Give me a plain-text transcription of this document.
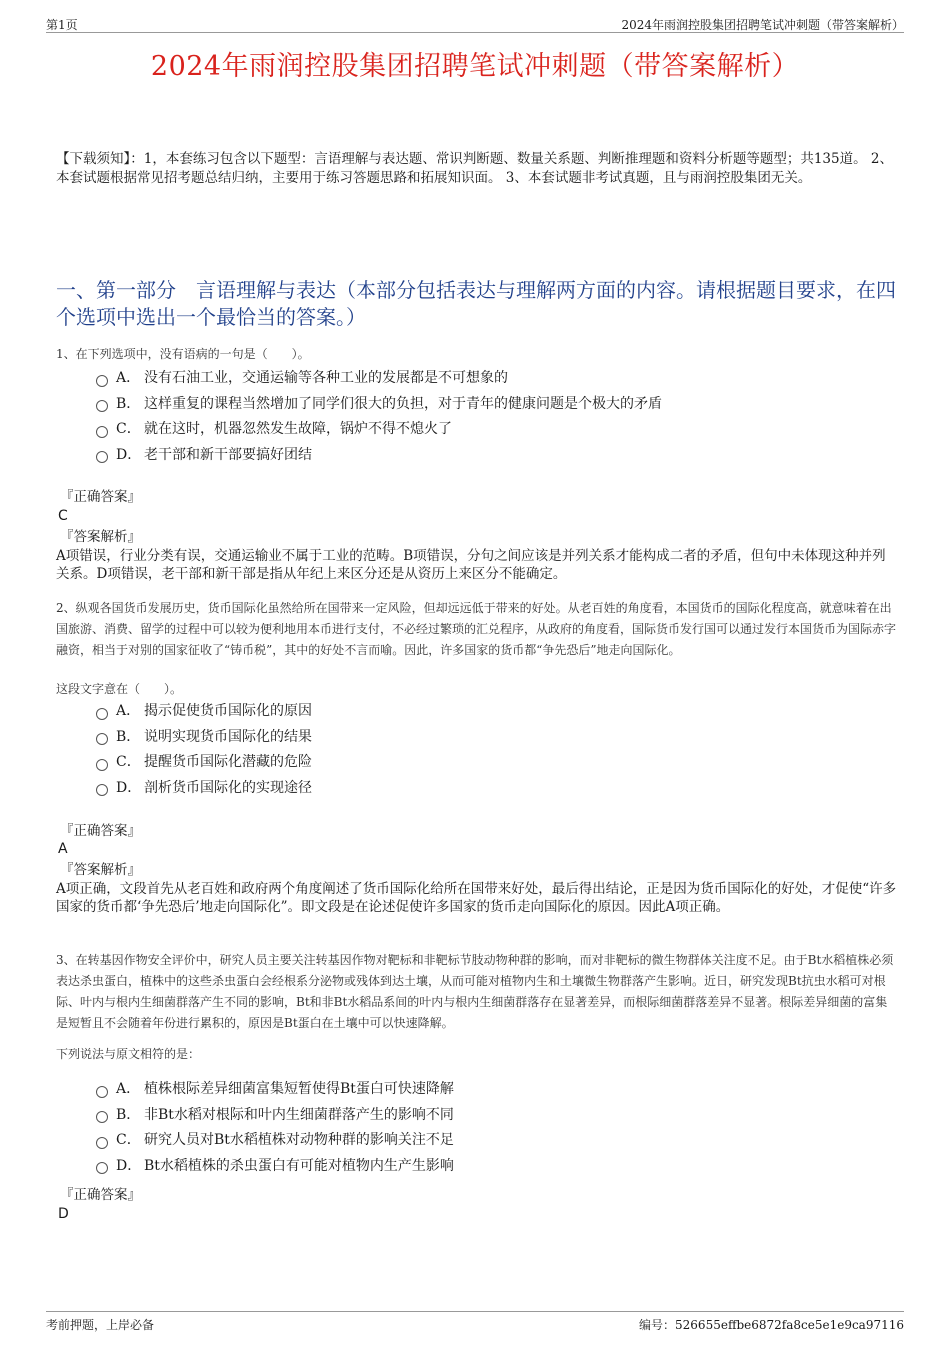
第1页	2024年雨润控股集团招聘笔试冲刺题（带答案解析）
2024年雨润控股集团招聘笔试冲刺题（带答案解析）
【下载须知】：1，本套练习包含以下题型：言语理解与表达题、常识判断题、数量关系题、判断推理题和资料分析题等题型；共135道。 2、本套试题根据常见招考题总结归纳，主要用于练习答题思路和拓展知识面。 3、本套试题非考试真题，且与雨润控股集团无关。
一、第一部分　言语理解与表达（本部分包括表达与理解两方面的内容。请根据题目要求，在四个选项中选出一个最恰当的答案。）
1、在下列选项中，没有语病的一句是（　　）。
A． 没有石油工业，交通运输等各种工业的发展都是不可想象的
B． 这样重复的课程当然增加了同学们很大的负担，对于青年的健康问题是个极大的矛盾
C． 就在这时，机器忽然发生故障，锅炉不得不熄火了
D． 老干部和新干部要搞好团结
『正确答案』
C
『答案解析』
A项错误，行业分类有误，交通运输业不属于工业的范畴。B项错误，分句之间应该是并列关系才能构成二者的矛盾，但句中未体现这种并列关系。D项错误，老干部和新干部是指从年纪上来区分还是从资历上来区分不能确定。
2、纵观各国货币发展历史，货币国际化虽然给所在国带来一定风险，但却远远低于带来的好处。从老百姓的角度看，本国货币的国际化程度高，就意味着在出国旅游、消费、留学的过程中可以较为便利地用本币进行支付，不必经过繁琐的汇兑程序，从政府的角度看，国际货币发行国可以通过发行本国货币为国际赤字融资，相当于对别的国家征收了“铸币税”，其中的好处不言而喻。因此，许多国家的货币都“争先恐后”地走向国际化。
这段文字意在（　　）。
A． 揭示促使货币国际化的原因
B． 说明实现货币国际化的结果
C． 提醒货币国际化潜藏的危险
D． 剖析货币国际化的实现途径
『正确答案』
A
『答案解析』
A项正确，文段首先从老百姓和政府两个角度阐述了货币国际化给所在国带来好处，最后得出结论，正是因为货币国际化的好处，才促使“许多国家的货币都‘争先恐后’地走向国际化”。即文段是在论述促使许多国家的货币走向国际化的原因。因此A项正确。
3、在转基因作物安全评价中，研究人员主要关注转基因作物对靶标和非靶标节肢动物种群的影响，而对非靶标的微生物群体关注度不足。由于Bt水稻植株必须表达杀虫蛋白，植株中的这些杀虫蛋白会经根系分泌物或残体到达土壤，从而可能对植物内生和土壤微生物群落产生影响。近日，研究发现Bt抗虫水稻可对根际、叶内与根内生细菌群落产生不同的影响，Bt和非Bt水稻品系间的叶内与根内生细菌群落存在显著差异，而根际细菌群落差异不显著。根际差异细菌的富集是短暂且不会随着年份进行累积的，原因是Bt蛋白在土壤中可以快速降解。
下列说法与原文相符的是：
A． 植株根际差异细菌富集短暂使得Bt蛋白可快速降解
B． 非Bt水稻对根际和叶内生细菌群落产生的影响不同
C． 研究人员对Bt水稻植株对动物种群的影响关注不足
D． Bt水稻植株的杀虫蛋白有可能对植物内生产生影响
『正确答案』
D
考前押题，上岸必备	编号：526655effbe6872fa8ce5e1e9ca97116
